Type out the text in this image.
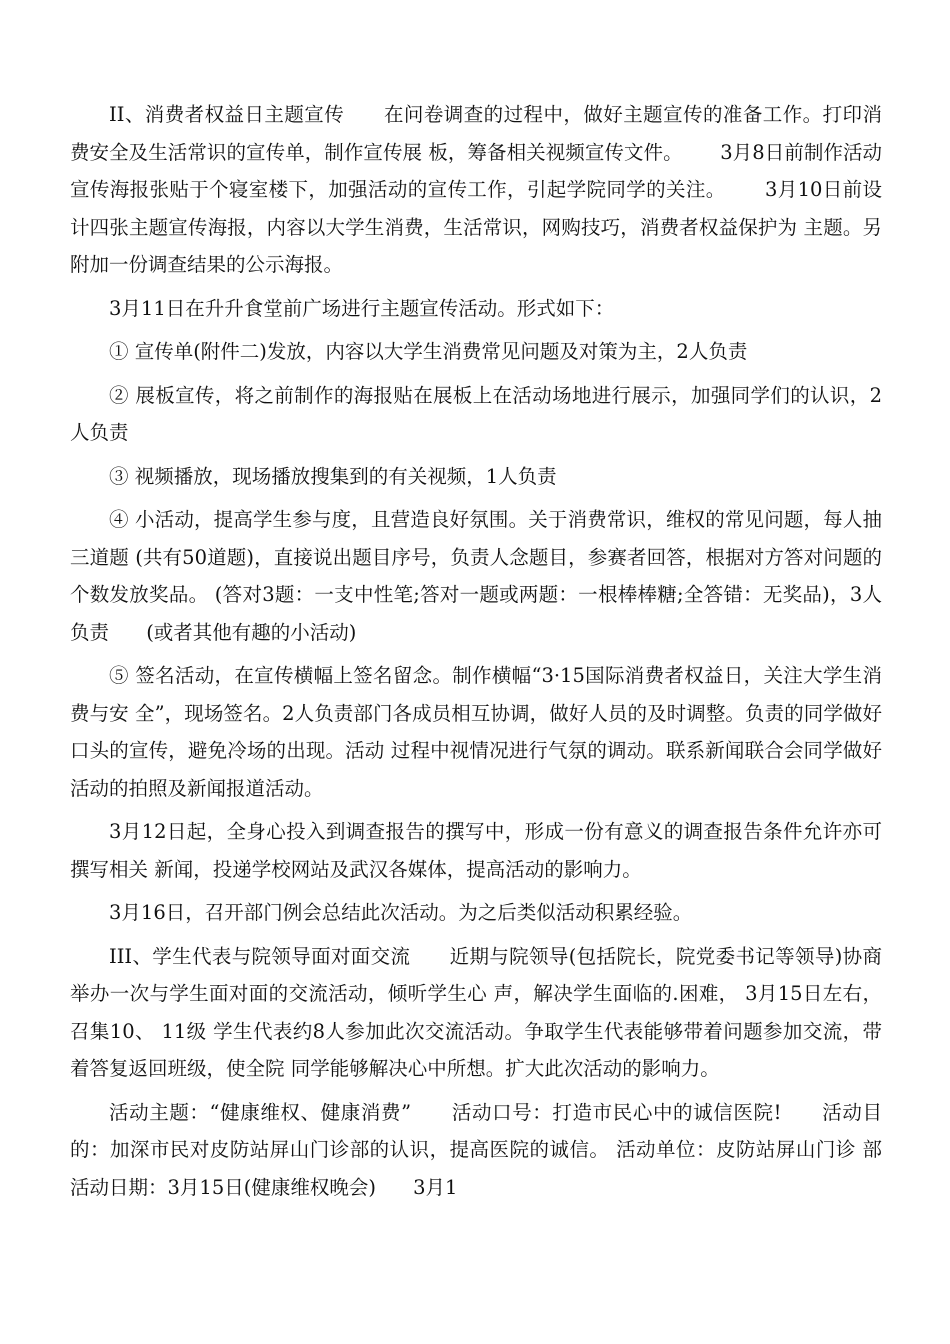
II、消费者权益日主题宣传      在问卷调查的过程中，做好主题宣传的准备工作。打印消费安全及生活常识的宣传单，制作宣传展 板，筹备相关视频宣传文件。      3月8日前制作活动宣传海报张贴于个寝室楼下，加强活动的宣传工作，引起学院同学的关注。      3月10日前设计四张主题宣传海报，内容以大学生消费，生活常识，网购技巧，消费者权益保护为 主题。另附加一份调查结果的公示海报。

3月11日在升升食堂前广场进行主题宣传活动。形式如下：

① 宣传单(附件二)发放，内容以大学生消费常见问题及对策为主，2人负责

② 展板宣传，将之前制作的海报贴在展板上在活动场地进行展示，加强同学们的认识，2人负责

③ 视频播放，现场播放搜集到的有关视频，1人负责

④ 小活动，提高学生参与度，且营造良好氛围。关于消费常识，维权的常见问题，每人抽三道题 (共有50道题)，直接说出题目序号，负责人念题目，参赛者回答，根据对方答对问题的个数发放奖品。 (答对3题：一支中性笔;答对一题或两题：一根棒棒糖;全答错：无奖品)，3人负责      (或者其他有趣的小活动)

⑤ 签名活动，在宣传横幅上签名留念。制作横幅“3·15国际消费者权益日，关注大学生消费与安 全”，现场签名。2人负责部门各成员相互协调，做好人员的及时调整。负责的同学做好口头的宣传，避免冷场的出现。活动 过程中视情况进行气氛的调动。联系新闻联合会同学做好活动的拍照及新闻报道活动。

3月12日起，全身心投入到调查报告的撰写中，形成一份有意义的调查报告条件允许亦可撰写相关 新闻，投递学校网站及武汉各媒体，提高活动的影响力。

3月16日，召开部门例会总结此次活动。为之后类似活动积累经验。

III、学生代表与院领导面对面交流      近期与院领导(包括院长，院党委书记等领导)协商举办一次与学生面对面的交流活动，倾听学生心 声，解决学生面临的.困难， 3月15日左右，召集10、 11级 学生代表约8人参加此次交流活动。争取学生代表能够带着问题参加交流，带着答复返回班级，使全院 同学能够解决心中所想。扩大此次活动的影响力。

活动主题：“健康维权、健康消费”      活动口号：打造市民心中的诚信医院!      活动目的：加深市民对皮防站屏山门诊部的认识，提高医院的诚信。 活动单位：皮防站屏山门诊 部      活动日期：3月15日(健康维权晚会)      3月1
